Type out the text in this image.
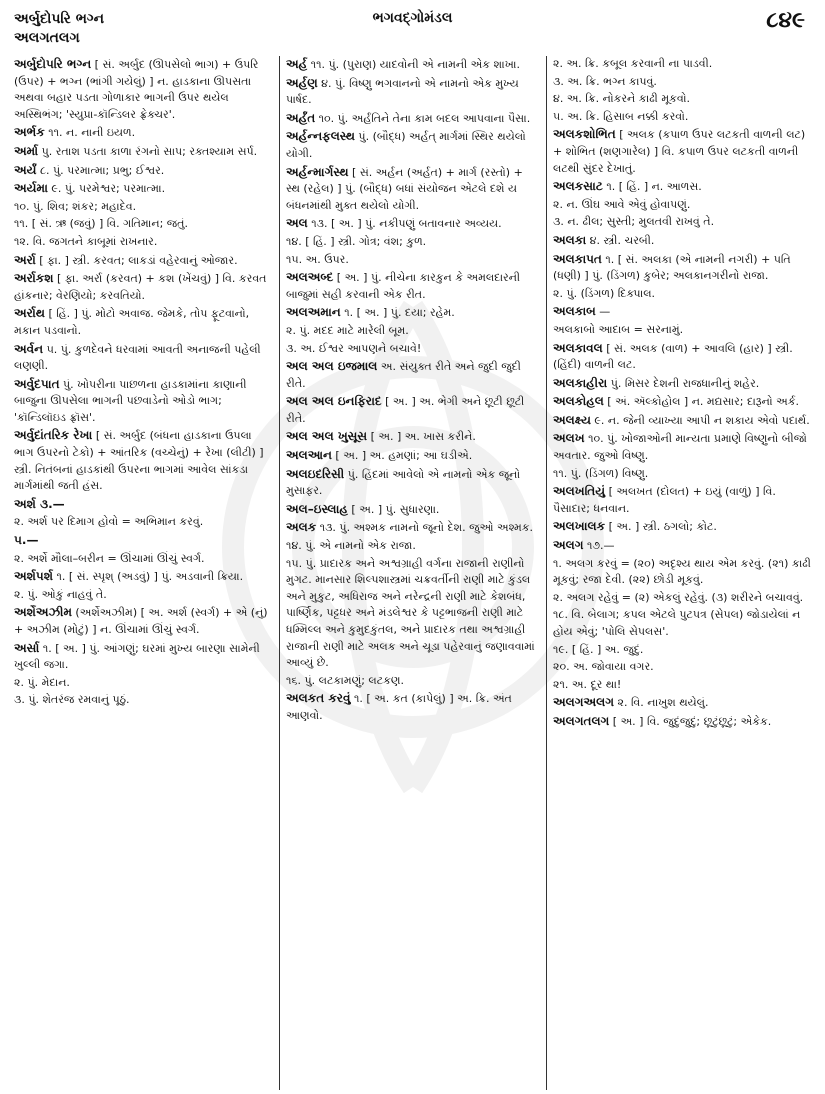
અર્બુદોપરિ ભગ્ન
અલગતલગ
ભગવદ્ગોમંડલ	૮૪૯
અર્બુદોપરિ ભગ્ન [ સં. અર્બુદ (ઊપસેલો ભાગ) + ઉપરિ (ઉપર) + ભગ્ન (ભાંગી ગયેલું) ] ન. હાડકાના ઊપસતા અથવા બહાર પડતા ગોળાકાર ભાગની ઉપર થયેલ અસ્થિભંગ; 'સ્યુપ્રા-કૉન્ડિલર ફ્રેક્ચર'.
અર્ભક ૧૧. ન. નાની ઇયળ.
અર્મા પુ. રતાશ પડતા કાળા રંગનો સાપ; રક્તશ્યામ સર્પ.
અર્યં ૮. પું. પરમાત્મા; પ્રભુ; ઈશ્વર.
અર્યમા ૯. પું. પરમેશ્વર; પરમાત્મા.
૧૦. પું. શિવ; શંકર; મહાદેવ.
૧૧. [ સં. ઋ (જવું) ] વિ. ગતિમાન; જતું.
૧૨. વિ. જગતને કાબૂમાં રાખનાર.
અર્રા [ ફા. ] સ્ત્રી. કરવત; લાકડાં વહેરવાનું ઓજાર.
અર્રાકશ [ ફા. અર્રા (કરવત) + કશ (ખેંચવું) ] વિ. કરવત હાંકનાર; વેરણિયો; કરવતિયો.
અર્રાથ [ હિં. ] પું. મોટો અવાજ. જેમકે, તોપ ફૂટવાનો, મકાન પડવાનો.
અર્વન ૫. પું. કુળદેવને ધરવામાં આવતી અનાજની પહેલી લણણી.
અર્વુદપાત પું. ખોપરીના પાછળના હાડકામાંના કાણાની બાજુના ઊપસેલા ભાગની પછવાડેનો ઓડો ભાગ; 'કૉન્ડિલૉઇડ ફ્રૉસ'.
અર્વુદાંતરિક રેખા [ સં. અર્બુદ (બંધના હાડકાના ઉપલા ભાગ ઉપરનો ટેકો) + આંતરિક (વચ્ચેનું) + રેખા (લીટી) ] સ્ત્રી. નિતંબનાં હાડકાંથી ઉપરના ભાગમાં આવેલ સાંકડા માર્ગમાંથી જતી હંસ.
અર્શ ૩.—
૨. અર્શ પર દિમાગ હોવો = અભિમાન કરવું.
૫.—
૨. અર્શે મૌલા–બરીન = ઊંચામાં ઊંચું સ્વર્ગ.
અર્શપર્શ ૧. [ સં. સ્પૃશ્ (અડવું) ] પું. અડવાની ક્રિયા.
૨. પું. ઓકું નાહવું તે.
અર્શેઅઝીમ (અર્શેઅઝીમ) [ અ. અર્શ (સ્વર્ગ) + એ (નું) + અઝીમ (મોટું) ] ન. ઊંચામાં ઊંચું સ્વર્ગ.
અર્સા ૧. [ અ. ] પું. આંગણું; ઘરમાં મુખ્ય બારણા સામેની ખુલ્લી જગા.
૨. પું. મેદાન.
૩. પું. શેતરંજ રમવાનું પૂઠું.
અર્હ ૧૧. પું. (પુરાણ) યાદવોની એ નામની એક શાખા.
અર્હણ ૪. પું. વિષ્ણુ ભગવાનનો એ નામનો એક મુખ્ય પાર્ષદ.
અર્હંત ૧૦. પું. અર્હંતિને તેના કામ બદલ આપવાના પૈસા.
અર્હન્નફલસ્થ પું. (બૌદ્ધ) અર્હત્ માર્ગમાં સ્થિર થયેલો યોગી.
અર્હન્માર્ગસ્થ [ સં. અર્હન (અર્હત) + માર્ગ (રસ્તો) + સ્થ (રહેલ) ] પું. (બૌદ્ધ) બધાં સંયોજન એટલે દશે ય બંધનમાંથી મુક્ત થયેલો યોગી.
અલ ૧૩. [ અ. ] પું. નકીપણું બતાવનાર અવ્યય.
૧૪. [ હિં. ] સ્ત્રી. ગોત્ર; વંશ; કુળ.
૧૫. અ. ઉપર.
અલઅબ્દ [ અ. ] પું. નીચેના કારકુન કે અમલદારની બાજુમાં સહી કરવાની એક રીત.
અલઅમાન ૧. [ અ. ] પું. દયા; રહેમ.
૨. પું. મદદ માટે મારેલી બૂમ.
૩. અ. ઈશ્વર આપણને બચાવે!
અલ અલ ઇજમાલ અ. સંયુક્ત રીતે અને જુદી જુદી રીતે.
અલ અલ ઇનફિરાદ [ અ. ] અ. ભેગી અને છૂટી છૂટી રીતે.
અલ અલ ખુસૂસ [ અ. ] અ. ખાસ કરીને.
અલઆન [ અ. ] અ. હમણાં; આ ઘડીએ.
અલઇદરિસી પું. હિંદમાં આવેલો એ નામનો એક જૂનો મુસાફર.
અલ–ઇસ્લાહ [ અ. ] પું. સુધારણા.
અલક ૧૩. પું. અશ્મક નામનો જૂનો દેશ. જુઓ અશ્મક.
૧૪. પું. એ નામનો એક રાજા.
૧૫. પું. પ્રાદારક અને અશ્વગ્રાહી વર્ગના રાજાની રાણીનો મુગટ. માનસાર શિલ્પશાસ્ત્રમાં ચક્રવર્તીની રાણી માટે કુંડલ અને મુકુટ, અધિરાજ અને નરેન્દ્રની રાણી માટે કેશબંધ, પાર્ષ્ણિક, પટ્ટધર અને મંડલેશ્વર કે પટ્ટભાજની રાણી માટે ધમ્મિલ્લ અને કુમુદકુંતલ, અને પ્રાદારક તથા અશ્વગ્રાહી રાજાની રાણી માટે અલક અને ચૂડા પહેરવાનું જણાવવામાં આવ્યું છે.
૧૬. પું. લટકામણું; લટકણ.
અલકત કરવું ૧. [ અ. કત (કાપેલું) ] અ. ક્રિ. અંત આણવો.
૨. અ. ક્રિ. કબૂલ કરવાની ના પાડવી.
૩. અ. ક્રિ. ભગ્ન કાપવું.
૪. અ. ક્રિ. નોકરને કાઢી મૂકવો.
૫. અ. ક્રિ. હિસાબ નક્કી કરવો.
અલકશોભિત [ અલક (કપાળ ઉપર લટકતી વાળની લટ) + શોભિત (શણગારેલ) ] વિ. કપાળ ઉપર લટકતી વાળની લટથી સુંદર દેખાતું.
અલકસાટ ૧. [ હિં. ] ન. આળસ.
૨. ન. ઊંઘ આવે એવું હોવાપણું.
૩. ન. ઢીલ; સુસ્તી; મુલતવી રાખવું તે.
અલકા ૪. સ્ત્રી. ચરબી.
અલકાપત ૧. [ સં. અલકા (એ નામની નગરી) + પતિ (ધણી) ] પું. (ડિંગળ) કુબેર; અલકાનગરીનો રાજા.
૨. પું. (ડિંગળ) દિક્પાલ.
અલકાબ —
અલકાબો આદાબ = સરનામું.
અલકાવલ [ સં. અલક (વાળ) + આવલિ (હાર) ] સ્ત્રી. (હિંદી) વાળની લટ.
અલકાહીરા પું. મિસર દેશની રાજધાનીનું શહેર.
અલકોહલ [ અં. ઍલ્કોહોલ ] ન. મદ્યસાર; દારૂનો અર્ક.
અલક્ષ્ય ૯. ન. જેની વ્યાખ્યા આપી ન શકાય એવો પદાર્થ.
અલખ ૧૦. પું. ખોજાઓની માન્યતા પ્રમાણે વિષ્ણુનો બીજો અવતાર. જુઓ વિષ્ણુ.
૧૧. પું. (ડિંગળ) વિષ્ણુ.
અલખતિયું [ અલખત (દોલત) + ઇયું (વાળું) ] વિ. પૈસાદાર; ધનવાન.
અલખાલક [ અ. ] સ્ત્રી. ઠગલો; કોટ.
અલગ ૧૭.—
૧. અલગ કરવું = (૨૦) અદૃશ્ય થાય એમ કરવું. (૨૧) કાઢી મૂકવું; રજા દેવી. (૨૨) છોડી મૂકવું.
૨. અલગ રહેવું = (૨) એકલું રહેવું. (૩) શરીરને બચાવવું.
૧૮. વિ. બેલાગ; કપલ એટલે પુટપત્ર (સેપલ) જોડાયેલાં ન હોય એવું; 'પોલિ સેપલસ'.
૧૯. [ હિં. ] અ. જુદું.
૨૦. અ. જોવાયા વગર.
૨૧. અ. દૂર થા!
અલગઅલગ ૨. વિ. નાખુશ થયેલું.
અલગતલગ [ અ. ] વિ. જુદુંજુદું; છૂટુંછૂટું; એકેક.
